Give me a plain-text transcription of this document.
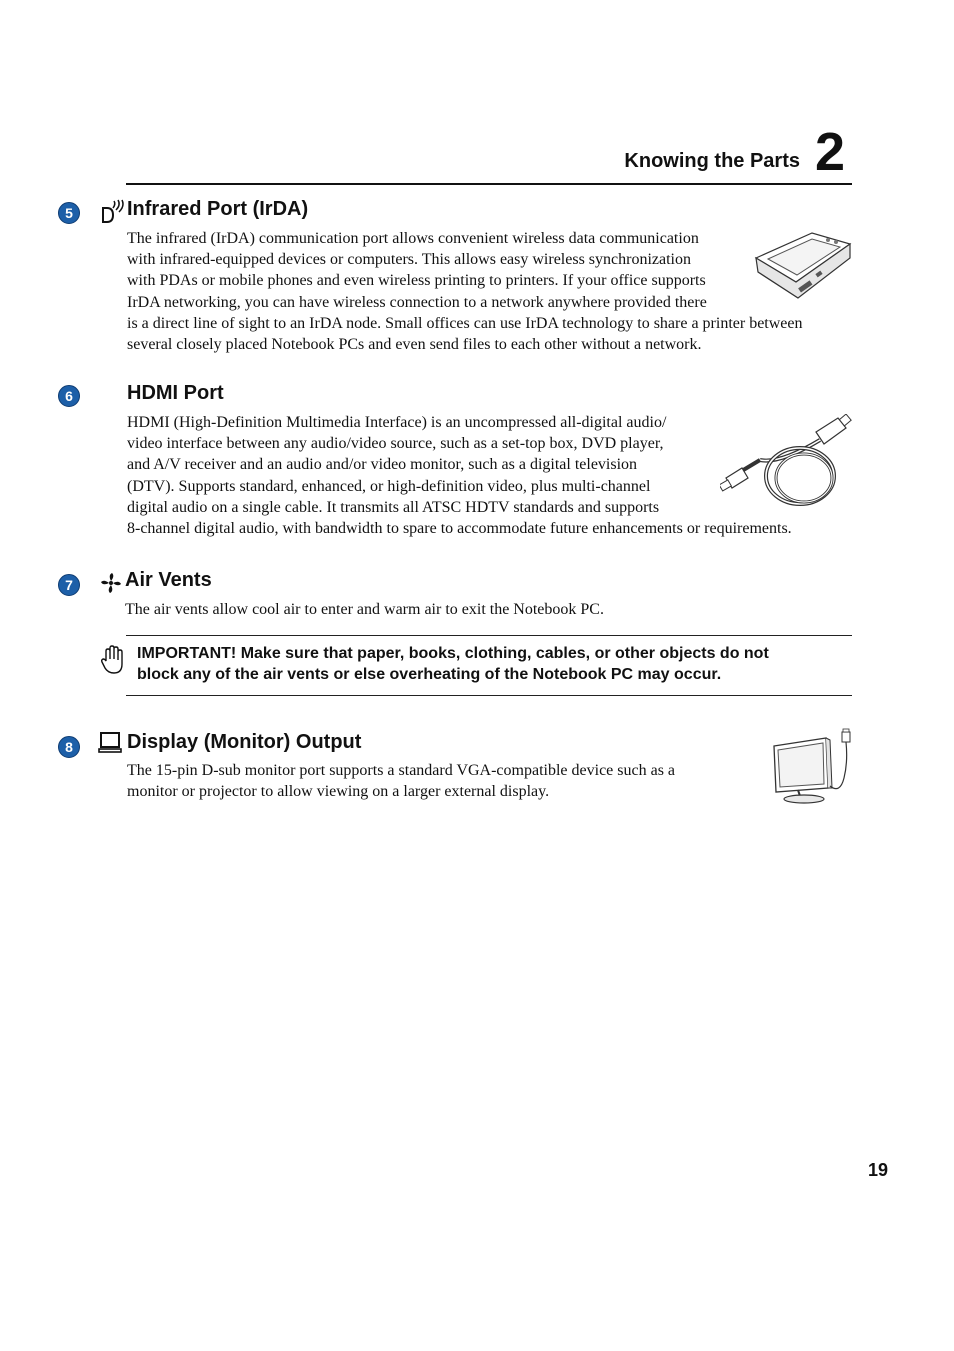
Knowing the Parts 2
5	Infrared Port (IrDA)
The infrared (IrDA) communication port allows convenient wireless data communication
with infrared-equipped devices or computers. This allows easy wireless synchronization
with PDAs or mobile phones and even wireless printing to printers. If your office supports
IrDA networking, you can have wireless connection to a network anywhere provided there
is a direct line of sight to an IrDA node. Small offices can use IrDA technology to share a printer between
several closely placed Notebook PCs and even send files to each other without a network.
6	HDMI Port
HDMI (High-Definition Multimedia Interface) is an uncompressed all-digital audio/
video interface between any audio/video source, such as a set-top box, DVD player,
and A/V receiver and an audio and/or video monitor, such as a digital television
(DTV). Supports standard, enhanced, or high-definition video, plus multi-channel
digital audio on a single cable. It transmits all ATSC HDTV standards and supports
8-channel digital audio, with bandwidth to spare to accommodate future enhancements or requirements.
7	Air Vents
The air vents allow cool air to enter and warm air to exit the Notebook PC.
IMPORTANT! Make sure that paper, books, clothing, cables, or other objects do not
block any of the air vents or else overheating of the Notebook PC may occur.
8	Display (Monitor) Output
The 15-pin D-sub monitor port supports a standard VGA-compatible device such as a
monitor or projector to allow viewing on a larger external display.
19
